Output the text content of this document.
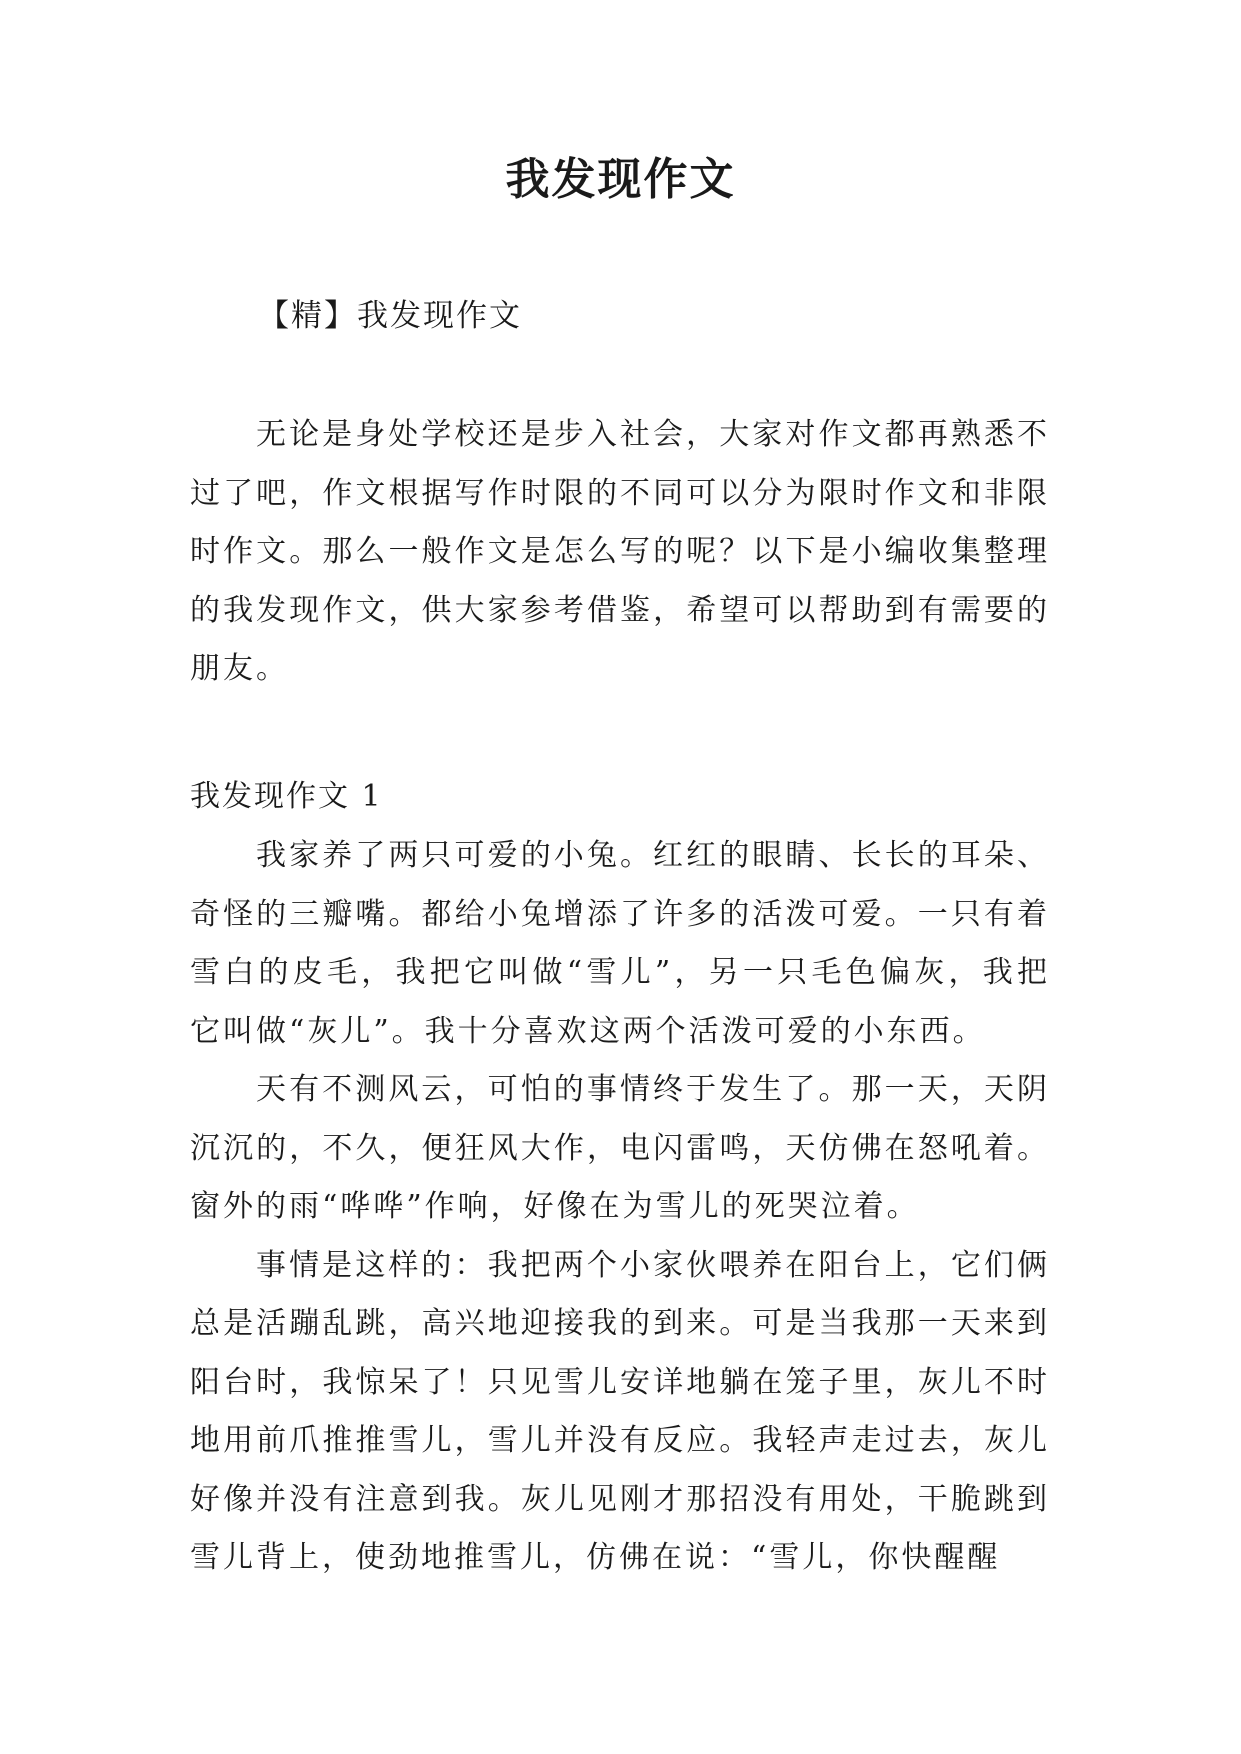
我发现作文
【精】我发现作文
无论是身处学校还是步入社会，大家对作文都再熟悉不过了吧，作文根据写作时限的不同可以分为限时作文和非限时作文。那么一般作文是怎么写的呢？以下是小编收集整理的我发现作文，供大家参考借鉴，希望可以帮助到有需要的朋友。
我发现作文 1

我家养了两只可爱的小兔。红红的眼睛、长长的耳朵、奇怪的三瓣嘴。都给小兔增添了许多的活泼可爱。一只有着雪白的皮毛，我把它叫做“雪儿”，另一只毛色偏灰，我把它叫做“灰儿”。我十分喜欢这两个活泼可爱的小东西。

天有不测风云，可怕的事情终于发生了。那一天，天阴沉沉的，不久，便狂风大作，电闪雷鸣，天仿佛在怒吼着。窗外的雨“哗哗”作响，好像在为雪儿的死哭泣着。

事情是这样的：我把两个小家伙喂养在阳台上，它们俩总是活蹦乱跳，高兴地迎接我的到来。可是当我那一天来到阳台时，我惊呆了！只见雪儿安详地躺在笼子里，灰儿不时地用前爪推推雪儿，雪儿并没有反应。我轻声走过去，灰儿好像并没有注意到我。灰儿见刚才那招没有用处，干脆跳到雪儿背上，使劲地推雪儿，仿佛在说：“雪儿，你快醒醒
